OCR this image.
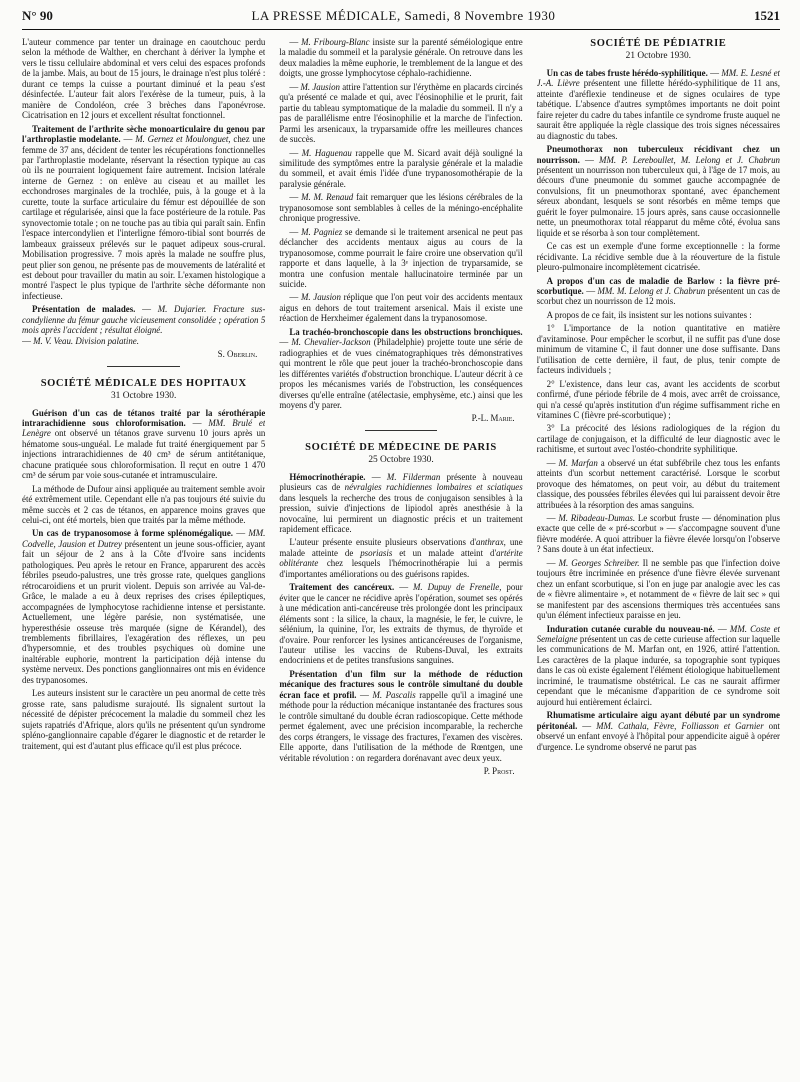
N° 90	LA PRESSE MÉDICALE, Samedi, 8 Novembre 1930	1521

L'auteur commence par tenter un drainage en caoutchouc perdu selon la méthode de Walther, en cherchant à dériver la lymphe et vers le tissu cellulaire abdominal et vers celui des espaces profonds de la jambe. Mais, au bout de 15 jours, le drainage n'est plus toléré : durant ce temps la cuisse a pourtant diminué et la peau s'est désinfectée. L'auteur fait alors l'exérèse de la tumeur, puis, à la manière de Condoléon, crée 3 brèches dans l'aponévrose. Cicatrisation en 12 jours et excellent résultat fonctionnel.

Traitement de l'arthrite sèche monoarticulaire du genou par l'arthroplastie modelante. — M. Gernez et Moulonguet, chez une femme de 37 ans, décident de tenter les récupérations fonctionnelles par l'arthroplastie modelante, réservant la résection typique au cas où ils ne pourraient logiquement faire autrement. Incision latérale interne de Gernez : on enlève au ciseau et au maillet les ecchondroses marginales de la trochlée, puis, à la gouge et à la curette, toute la surface articulaire du fémur est dépouillée de son cartilage et régularisée, ainsi que la face postérieure de la rotule. Pas synovectomie totale ; on ne touche pas au tibia qui paraît sain. Enfin l'espace intercondylien et l'interligne fémoro-tibial sont bourrés de lambeaux graisseux prélevés sur le paquet adipeux sous-crural. Mobilisation progressive. 7 mois après la malade ne souffre plus, peut plier son genou, ne présente pas de mouvements de latéralité et est debout pour travailler du matin au soir. L'examen histologique a montré l'aspect le plus typique de l'arthrite sèche déformante non infectieuse.

Présentation de malades. — M. Dujarier. Fracture sus-condylienne du fémur gauche vicieusement consolidée ; opération 5 mois après l'accident ; résultat éloigné.
— M. V. Veau. Division palatine.

S. Oberlin.
SOCIÉTÉ MÉDICALE DES HOPITAUX
31 Octobre 1930.

Guérison d'un cas de tétanos traité par la sérothérapie intrarachidienne sous chloroformisation. — MM. Brulé et Lenègre ont observé un tétanos grave survenu 10 jours après un hématome sous-unguéal. Le malade fut traité énergiquement par 5 injections intrarachidiennes de 40 cm³ de sérum antitétanique, chacune pratiquée sous chloroformisation. Il reçut en outre 1 470 cm³ de sérum par voie sous-cutanée et intramusculaire.

La méthode de Dufour ainsi appliquée au traitement semble avoir été extrêmement utile. Cependant elle n'a pas toujours été suivie du même succès et 2 cas de tétanos, en apparence moins graves que celui-ci, ont été mortels, bien que traités par la même méthode.

Un cas de trypanosomose à forme splénomégalique. — MM. Codvelle, Jausion et Dutrey présentent un jeune sous-officier, ayant fait un séjour de 2 ans à la Côte d'Ivoire sans incidents pathologiques. Peu après le retour en France, apparurent des accès fébriles pseudo-palustres, une très grosse rate, quelques ganglions rétrocaroidiens et un prurit violent. Depuis son arrivée au Val-de-Grâce, le malade a eu à deux reprises des crises épileptiques, accompagnées de lymphocytose rachidienne intense et persistante. Actuellement, une légère parésie, non systématisée, une hyperesthésie osseuse très marquée (signe de Kérandel), des tremblements fibrillaires, l'exagération des réflexes, un peu d'hypersomnie, et des troubles psychiques où domine une inaltérable euphorie, montrent la participation déjà intense du système nerveux. Des ponctions ganglionnaires ont mis en évidence des trypanosomes.

Les auteurs insistent sur le caractère un peu anormal de cette très grosse rate, sans paludisme surajouté. Ils signalent surtout la nécessité de dépister précocement la maladie du sommeil chez les sujets rapatriés d'Afrique, alors qu'ils ne présentent qu'un syndrome spléno-ganglionnaire capable d'égarer le diagnostic et de retarder le traitement, qui est d'autant plus efficace qu'il est plus précoce.

— M. Fribourg-Blanc insiste sur la parenté séméiologique entre la maladie du sommeil et la paralysie générale. On retrouve dans les deux maladies la même euphorie, le tremblement de la langue et des doigts, une grosse lymphocytose céphalo-rachidienne.

— M. Jausion attire l'attention sur l'érythème en placards circinés qu'a présenté ce malade et qui, avec l'éosinophilie et le prurit, fait partie du tableau symptomatique de la maladie du sommeil. Il n'y a pas de parallélisme entre l'éosinophilie et la marche de l'infection. Parmi les arsenicaux, la tryparsamide offre les meilleures chances de succès.

— M. Haguenau rappelle que M. Sicard avait déjà souligné la similitude des symptômes entre la paralysie générale et la maladie du sommeil, et avait émis l'idée d'une trypanosomothérapie de la paralysie générale.

— M. M. Renaud fait remarquer que les lésions cérébrales de la trypanosomose sont semblables à celles de la méningo-encéphalite chronique progressive.

— M. Pagniez se demande si le traitement arsenical ne peut pas déclancher des accidents mentaux aigus au cours de la trypanosomose, comme pourrait le faire croire une observation qu'il rapporte et dans laquelle, à la 3ᵉ injection de tryparsamide, se montra une confusion mentale hallucinatoire terminée par un suicide.

— M. Jausion réplique que l'on peut voir des accidents mentaux aigus en dehors de tout traitement arsenical. Mais il existe une réaction de Herxheimer également dans la trypanosomose.

La trachéo-bronchoscopie dans les obstructions bronchiques. — M. Chevalier-Jackson (Philadelphie) projette toute une série de radiographies et de vues cinématographiques très démonstratives qui montrent le rôle que peut jouer la trachéo-bronchoscopie dans les différentes variétés d'obstruction bronchique. L'auteur décrit à ce propos les mécanismes variés de l'obstruction, les conséquences diverses qu'elle entraîne (atélectasie, emphysème, etc.) ainsi que les moyens d'y parer.

P.-L. Marie.
SOCIÉTÉ DE MÉDECINE DE PARIS
25 Octobre 1930.

Hémocrinothérapie. — M. Filderman présente à nouveau plusieurs cas de névralgies rachidiennes lombaires et sciatiques dans lesquels la recherche des trous de conjugaison sensibles à la pression, suivie d'injections de lipiodol après anesthésie à la novocaïne, lui permirent un diagnostic précis et un traitement rapidement efficace.

L'auteur présente ensuite plusieurs observations d'anthrax, une malade atteinte de psoriasis et un malade atteint d'artérite oblitérante chez lesquels l'hémocrinothérapie lui a permis d'importantes améliorations ou des guérisons rapides.

Traitement des cancéreux. — M. Dupuy de Frenelle, pour éviter que le cancer ne récidive après l'opération, soumet ses opérés à une médication anti-cancéreuse très prolongée dont les principaux éléments sont : la silice, la chaux, la magnésie, le fer, le cuivre, le sélénium, la quinine, l'or, les extraits de thymus, de thyroïde et d'ovaire. Pour renforcer les lysines anticancéreuses de l'organisme, l'auteur utilise les vaccins de Rubens-Duval, les extraits endocriniens et de petites transfusions sanguines.

Présentation d'un film sur la méthode de réduction mécanique des fractures sous le contrôle simultané du double écran face et profil. — M. Pascalis rappelle qu'il a imaginé une méthode pour la réduction mécanique instantanée des fractures sous le contrôle simultané du double écran radioscopique. Cette méthode permet également, avec une précision incomparable, la recherche des corps étrangers, le vissage des fractures, l'examen des viscères. Elle apporte, dans l'utilisation de la méthode de Rœntgen, une véritable révolution : on regardera dorénavant avec deux yeux.

P. Prost.
SOCIÉTÉ DE PÉDIATRIE
21 Octobre 1930.

Un cas de tabes fruste hérédo-syphilitique. — MM. E. Lesné et J.-A. Lièvre présentent une fillette hérédo-syphilitique de 11 ans, atteinte d'aréflexie tendineuse et de signes oculaires de type tabétique. L'absence d'autres symptômes importants ne doit point faire rejeter du cadre du tabes infantile ce syndrome fruste auquel ne saurait être appliquée la règle classique des trois signes nécessaires au diagnostic du tabes.

Pneumothorax non tuberculeux récidivant chez un nourrisson. — MM. P. Lereboullet, M. Lelong et J. Chabrun présentent un nourrisson non tuberculeux qui, à l'âge de 17 mois, au décours d'une pneumonie du sommet gauche accompagnée de convulsions, fit un pneumothorax spontané, avec épanchement séreux abondant, lesquels se sont résorbés en même temps que guérit le foyer pulmonaire. 15 jours après, sans cause occasionnelle nette, un pneumothorax total réapparut du même côté, évolua sans liquide et se résorba à son tour complètement.

Ce cas est un exemple d'une forme exceptionnelle : la forme récidivante. La récidive semble due à la réouverture de la fistule pleuro-pulmonaire incomplètement cicatrisée.

A propos d'un cas de maladie de Barlow : la fièvre pré-scorbutique. — MM. M. Lelong et J. Chabrun présentent un cas de scorbut chez un nourrisson de 12 mois.

A propos de ce fait, ils insistent sur les notions suivantes :

1° L'importance de la notion quantitative en matière d'avitaminose. Pour empêcher le scorbut, il ne suffit pas d'une dose minimum de vitamine C, il faut donner une dose suffisante. Dans l'utilisation de cette dernière, il faut, de plus, tenir compte de facteurs individuels ;

2° L'existence, dans leur cas, avant les accidents de scorbut confirmé, d'une période fébrile de 4 mois, avec arrêt de croissance, qui n'a cessé qu'après institution d'un régime suffisamment riche en vitamines C (fièvre pré-scorbutique) ;

3° La précocité des lésions radiologiques de la région du cartilage de conjugaison, et la difficulté de leur diagnostic avec le rachitisme, et surtout avec l'ostéo-chondrite syphilitique.

— M. Marfan a observé un état subfébrile chez tous les enfants atteints d'un scorbut nettement caractérisé. Lorsque le scorbut provoque des hématomes, on peut voir, au début du traitement classique, des poussées fébriles élevées qui lui paraissent devoir être attribuées à la résorption des amas sanguins.

— M. Ribadeau-Dumas. Le scorbut fruste — dénomination plus exacte que celle de « pré-scorbut » — s'accompagne souvent d'une fièvre modérée. A quoi attribuer la fièvre élevée lorsqu'on l'observe ? Sans doute à un état infectieux.

— M. Georges Schreiber. Il ne semble pas que l'infection doive toujours être incriminée en présence d'une fièvre élevée survenant chez un enfant scorbutique, si l'on en juge par analogie avec les cas de « fièvre alimentaire », et notamment de « fièvre de lait sec » qui se manifestent par des ascensions thermiques très accentuées sans qu'un élément infectieux paraisse en jeu.

Induration cutanée curable du nouveau-né. — MM. Coste et Semelaigne présentent un cas de cette curieuse affection sur laquelle les communications de M. Marfan ont, en 1926, attiré l'attention. Les caractères de la plaque indurée, sa topographie sont typiques dans le cas où existe également l'élément étiologique habituellement incriminé, le traumatisme obstétrical. Le cas ne saurait affirmer cependant que le mécanisme d'apparition de ce syndrome soit aujourd hui entièrement éclairci.

Rhumatisme articulaire aigu ayant débuté par un syndrome péritonéal. — MM. Cathala, Fèvre, Folliasson et Garnier ont observé un enfant envoyé à l'hôpital pour appendicite aiguë à opérer d'urgence. Le syndrome observé ne parut pas
